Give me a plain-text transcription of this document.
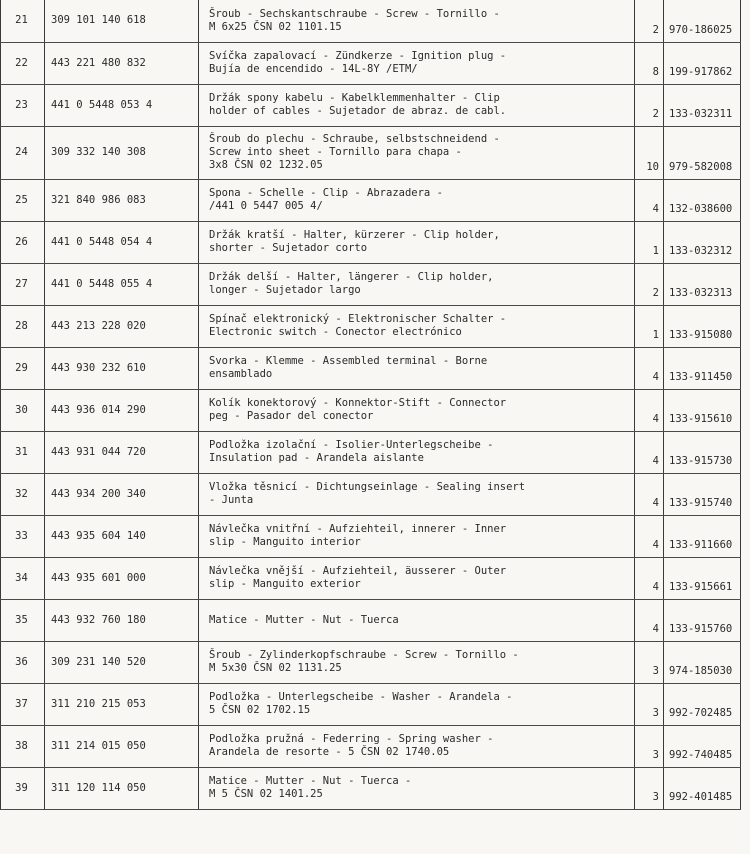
21	309 101 140 618	Šroub - Sechskantschraube - Screw - Tornillo -
M 6x25 ČSN 02 1101.15	2	970-186025
22	443 221 480 832	Svíčka zapalovací - Zündkerze - Ignition plug -
Bujía de encendido - 14L-8Y /ETM/	8	199-917862
23	441 0 5448 053 4	Držák spony kabelu - Kabelklemmenhalter - Clip
holder of cables - Sujetador de abraz. de cabl.	2	133-032311
24	309 332 140 308	Šroub do plechu - Schraube, selbstschneidend -
Screw into sheet - Tornillo para chapa -
3x8 ČSN 02 1232.05	10	979-582008
25	321 840 986 083	Spona - Schelle - Clip - Abrazadera -
/441 0 5447 005 4/	4	132-038600
26	441 0 5448 054 4	Držák kratší - Halter, kürzerer - Clip holder,
shorter - Sujetador corto	1	133-032312
27	441 0 5448 055 4	Držák delší - Halter, längerer - Clip holder,
longer - Sujetador largo	2	133-032313
28	443 213 228 020	Spínač elektronický - Elektronischer Schalter -
Electronic switch - Conector electrónico	1	133-915080
29	443 930 232 610	Svorka - Klemme - Assembled terminal - Borne
ensamblado	4	133-911450
30	443 936 014 290	Kolík konektorový - Konnektor-Stift - Connector
peg - Pasador del conector	4	133-915610
31	443 931 044 720	Podložka izolační - Isolier-Unterlegscheibe -
Insulation pad - Arandela aislante	4	133-915730
32	443 934 200 340	Vložka těsnicí - Dichtungseinlage - Sealing insert
- Junta	4	133-915740
33	443 935 604 140	Návlečka vnitřní - Aufziehteil, innerer - Inner
slip - Manguito interior	4	133-911660
34	443 935 601 000	Návlečka vnější - Aufziehteil, äusserer - Outer
slip - Manguito exterior	4	133-915661
35	443 932 760 180	Matice - Mutter - Nut - Tuerca	4	133-915760
36	309 231 140 520	Šroub - Zylinderkopfschraube - Screw - Tornillo -
M 5x30 ČSN 02 1131.25	3	974-185030
37	311 210 215 053	Podložka - Unterlegscheibe - Washer - Arandela -
5 ČSN 02 1702.15	3	992-702485
38	311 214 015 050	Podložka pružná - Federring - Spring washer -
Arandela de resorte - 5 ČSN 02 1740.05	3	992-740485
39	311 120 114 050	Matice - Mutter - Nut - Tuerca -
M 5 ČSN 02 1401.25	3	992-401485
